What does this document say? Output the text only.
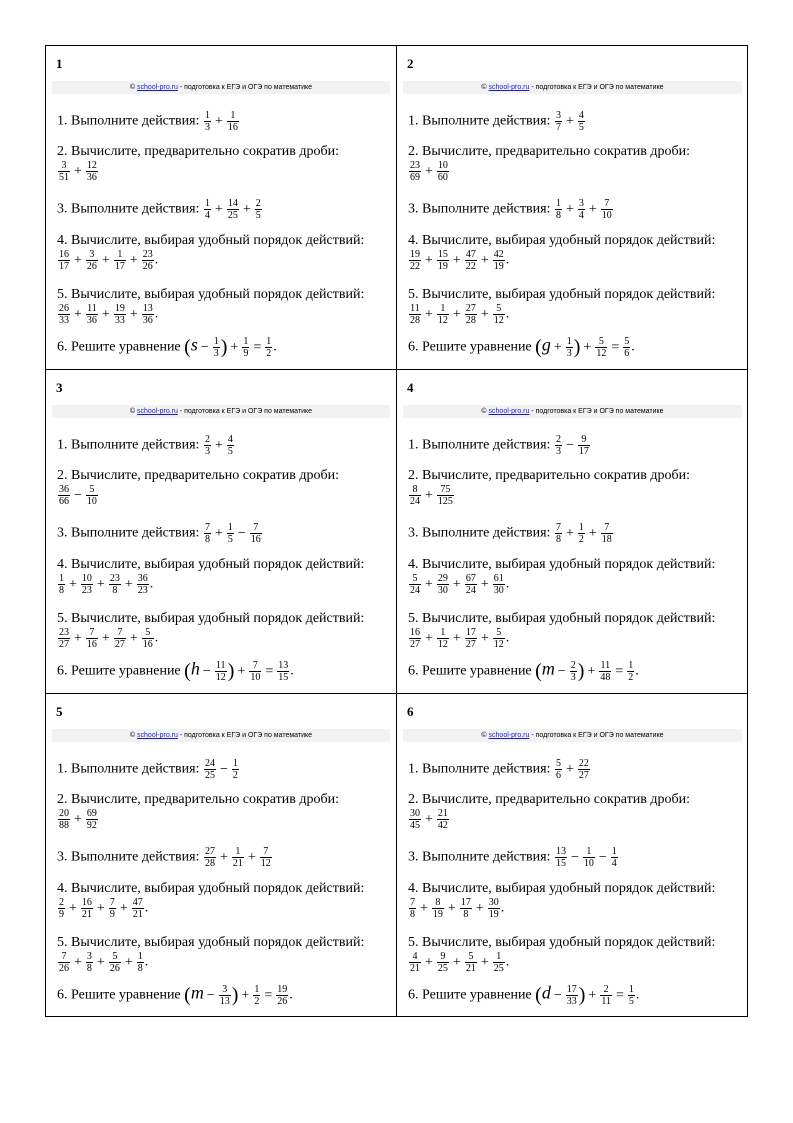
1
© school-pro.ru - подготовка к ЕГЭ и ОГЭ по математике
1. Выполните действия: $\frac{1}{3} + \frac{1}{16}$
2. Вычислите, предварительно сократив дроби:

$\frac{3}{51} + \frac{12}{36}$
3. Выполните действия: $\frac{1}{4} + \frac{14}{25} + \frac{2}{5}$
4. Вычислите, выбирая удобный порядок действий:

$\frac{16}{17} + \frac{3}{26} + \frac{1}{17} + \frac{23}{26}$ .
5. Вычислите, выбирая удобный порядок действий:

$\frac{26}{33} + \frac{11}{36} + \frac{19}{33} + \frac{13}{36}$ .
6. Решите уравнение ($s - \frac{1}{3}$ ) + $\frac{1}{9} = \frac{1}{2}$ .
2
© school-pro.ru - подготовка к ЕГЭ и ОГЭ по математике
1. Выполните действия: $\frac{3}{7} + \frac{4}{5}$
2. Вычислите, предварительно сократив дроби:

$\frac{23}{69} + \frac{10}{60}$
3. Выполните действия: $\frac{1}{8} + \frac{3}{4} + \frac{7}{10}$
4. Вычислите, выбирая удобный порядок действий:

$\frac{19}{22} + \frac{15}{19} + \frac{47}{22} + \frac{42}{19}$ .
5. Вычислите, выбирая удобный порядок действий:

$\frac{11}{28} + \frac{1}{12} + \frac{27}{28} + \frac{5}{12}$ .
6. Решите уравнение ($g + \frac{1}{3}$ ) + $\frac{5}{12} = \frac{5}{6}$ .
3
© school-pro.ru - подготовка к ЕГЭ и ОГЭ по математике
1. Выполните действия: $\frac{2}{3} + \frac{4}{5}$
2. Вычислите, предварительно сократив дроби:

$\frac{36}{66} - \frac{5}{10}$
3. Выполните действия: $\frac{7}{8} + \frac{1}{5} - \frac{7}{16}$
4. Вычислите, выбирая удобный порядок действий:

$\frac{1}{8} + \frac{10}{23} + \frac{23}{8} + \frac{36}{23}$ .
5. Вычислите, выбирая удобный порядок действий:

$\frac{23}{27} + \frac{7}{16} + \frac{7}{27} + \frac{5}{16}$ .
6. Решите уравнение ($h - \frac{11}{12}$ ) + $\frac{7}{10} = \frac{13}{15}$ .
4
© school-pro.ru - подготовка к ЕГЭ и ОГЭ по математике
1. Выполните действия: $\frac{2}{3} - \frac{9}{17}$
2. Вычислите, предварительно сократив дроби:

$\frac{8}{24} + \frac{75}{125}$
3. Выполните действия: $\frac{7}{8} + \frac{1}{2} + \frac{7}{18}$
4. Вычислите, выбирая удобный порядок действий:

$\frac{5}{24} + \frac{29}{30} + \frac{67}{24} + \frac{61}{30}$ .
5. Вычислите, выбирая удобный порядок действий:

$\frac{16}{27} + \frac{1}{12} + \frac{17}{27} + \frac{5}{12}$ .
6. Решите уравнение ($m - \frac{2}{3}$ ) + $\frac{11}{48} = \frac{1}{2}$ .
5
© school-pro.ru - подготовка к ЕГЭ и ОГЭ по математике
1. Выполните действия: $\frac{24}{25} - \frac{1}{2}$
2. Вычислите, предварительно сократив дроби:

$\frac{20}{88} + \frac{69}{92}$
3. Выполните действия: $\frac{27}{28} + \frac{1}{21} + \frac{7}{12}$
4. Вычислите, выбирая удобный порядок действий:

$\frac{2}{9} + \frac{16}{21} + \frac{7}{9} + \frac{47}{21}$ .
5. Вычислите, выбирая удобный порядок действий:

$\frac{7}{26} + \frac{3}{8} + \frac{5}{26} + \frac{1}{8}$ .
6. Решите уравнение ($m - \frac{3}{13}$ ) + $\frac{1}{2} = \frac{19}{26}$ .
6
© school-pro.ru - подготовка к ЕГЭ и ОГЭ по математике
1. Выполните действия: $\frac{5}{6} + \frac{22}{27}$
2. Вычислите, предварительно сократив дроби:

$\frac{30}{45} + \frac{21}{42}$
3. Выполните действия: $\frac{13}{15} - \frac{1}{10} - \frac{1}{4}$
4. Вычислите, выбирая удобный порядок действий:

$\frac{7}{8} + \frac{8}{19} + \frac{17}{8} + \frac{30}{19}$ .
5. Вычислите, выбирая удобный порядок действий:

$\frac{4}{21} + \frac{9}{25} + \frac{5}{21} + \frac{1}{25}$ .
6. Решите уравнение ($d - \frac{17}{33}$ ) + $\frac{2}{11} = \frac{1}{5}$ .
